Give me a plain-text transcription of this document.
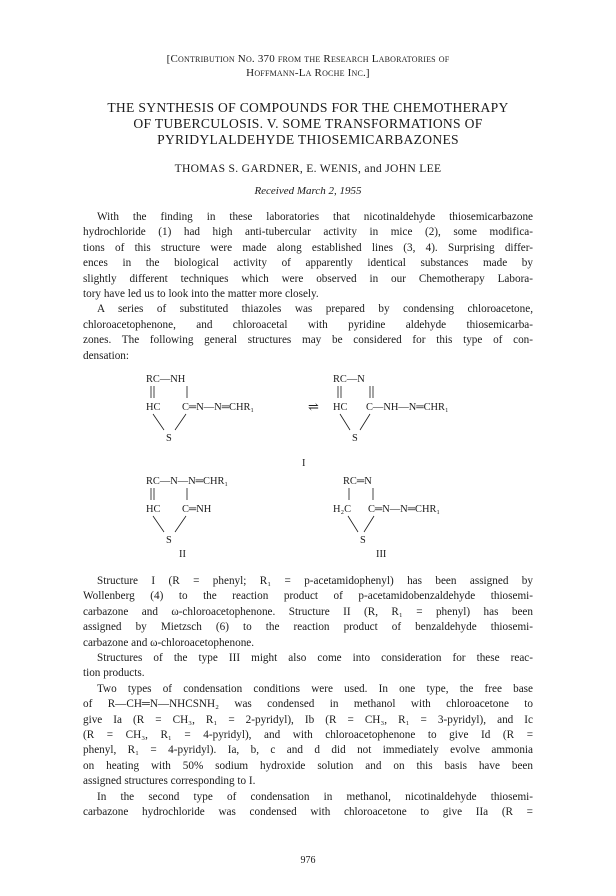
[Contribution No. 370 from the Research Laboratories of
Hoffmann-La Roche Inc.]
THE SYNTHESIS OF COMPOUNDS FOR THE CHEMOTHERAPY
OF TUBERCULOSIS. V. SOME TRANSFORMATIONS OF
PYRIDYLALDEHYDE THIOSEMICARBAZONES
THOMAS S. GARDNER, E. WENIS, and JOHN LEE
Received March 2, 1955
With the finding in these laboratories that nicotinaldehyde thiosemicarbazone
hydrochloride (1) had high anti-tubercular activity in mice (2), some modifica-
tions of this structure were made along established lines (3, 4). Surprising differ-
ences in the biological activity of apparently identical substances made by
slightly different techniques which were observed in our Chemotherapy Labora-
tory have led us to look into the matter more closely.
A series of substituted thiazoles was prepared by condensing chloroacetone,
chloroacetophenone, and chloroacetal with pyridine aldehyde thiosemicarba-
zones. The following general structures may be considered for this type of con-
densation:
RC—NH
HC C═N—N═CHR₁
S
⇌
RC—N
HC C—NH—N═CHR₁
S
I
RC—N—N═CHR₁
HC C═NH
S
II
RC═N
H₂C C═N—N═CHR₁
S
III
Structure I (R = phenyl; R₁ = p-acetamidophenyl) has been assigned by
Wollenberg (4) to the reaction product of p-acetamidobenzaldehyde thiosemi-
carbazone and ω-chloroacetophenone. Structure II (R, R₁ = phenyl) has been
assigned by Mietzsch (6) to the reaction product of benzaldehyde thiosemi-
carbazone and ω-chloroacetophenone.
Structures of the type III might also come into consideration for these reac-
tion products.
Two types of condensation conditions were used. In one type, the free base
of R—CH═N—NHCSNH₂ was condensed in methanol with chloroacetone to
give Ia (R = CH₃, R₁ = 2-pyridyl), Ib (R = CH₃, R₁ = 3-pyridyl), and Ic
(R = CH₃, R₁ = 4-pyridyl), and with chloroacetophenone to give Id (R =
phenyl, R₁ = 4-pyridyl). Ia, b, c and d did not immediately evolve ammonia
on heating with 50% sodium hydroxide solution and on this basis have been
assigned structures corresponding to I.
In the second type of condensation in methanol, nicotinaldehyde thiosemi-
carbazone hydrochloride was condensed with chloroacetone to give IIa (R =
976
